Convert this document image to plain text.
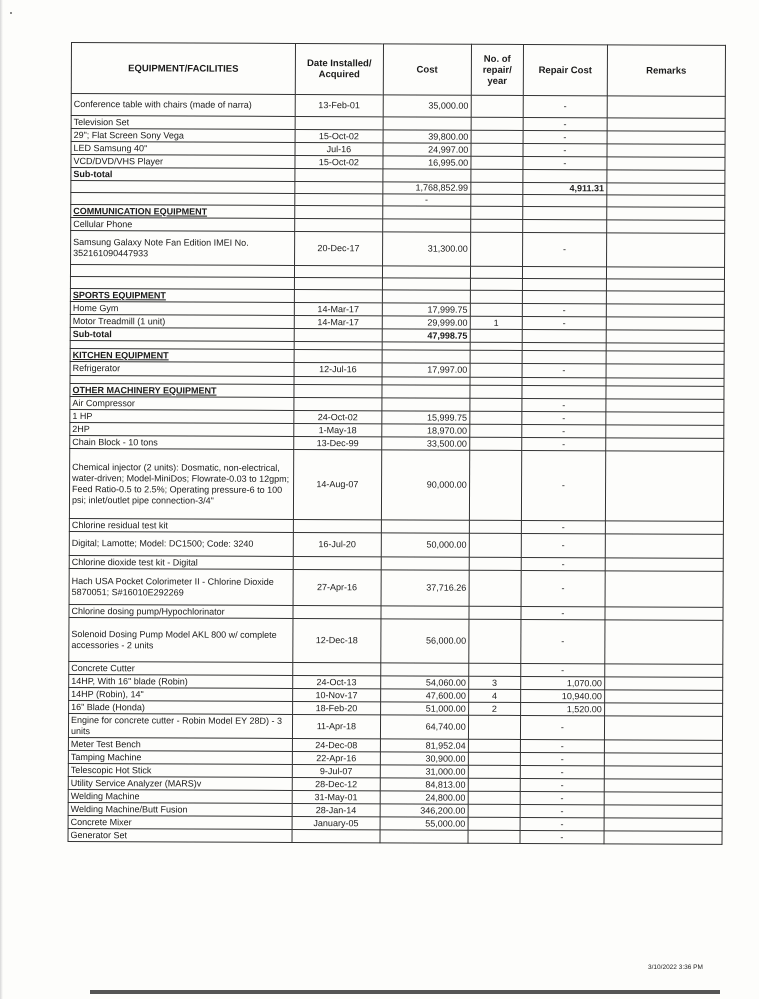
EQUIPMENT/FACILITIES	Date Installed/ Acquired	Cost	No. of repair/ year	Repair Cost	Remarks
Conference table with chairs (made of narra)	13-Feb-01	35,000.00		-	
Television Set				-	
29"; Flat Screen Sony Vega	15-Oct-02	39,800.00		-	
LED Samsung 40"	Jul-16	24,997.00		-	
VCD/DVD/VHS Player	15-Oct-02	16,995.00		-	
Sub-total					
		1,768,852.99		4,911.31	
		-			
COMMUNICATION EQUIPMENT					
Cellular Phone					
Samsung Galaxy Note Fan Edition IMEI No. 352161090447933	20-Dec-17	31,300.00		-	

SPORTS EQUIPMENT					
Home Gym	14-Mar-17	17,999.75		-	
Motor Treadmill (1 unit)	14-Mar-17	29,999.00	1	-	
Sub-total		47,998.75			

KITCHEN EQUIPMENT					
Refrigerator	12-Jul-16	17,997.00		-	

OTHER MACHINERY EQUIPMENT					
Air Compressor				-	
1 HP	24-Oct-02	15,999.75		-	
2HP	1-May-18	18,970.00		-	
Chain Block - 10 tons	13-Dec-99	33,500.00		-	
Chemical injector (2 units): Dosmatic, non-electrical, water-driven; Model-MiniDos; Flowrate-0.03 to 12gpm; Feed Ratio-0.5 to 2.5%; Operating pressure-6 to 100 psi; inlet/outlet pipe connection-3/4"	14-Aug-07	90,000.00		-	
Chlorine residual test kit				-	
Digital; Lamotte; Model: DC1500; Code: 3240	16-Jul-20	50,000.00		-	
Chlorine dioxide test kit - Digital				-	
Hach USA Pocket Colorimeter II - Chlorine Dioxide 5870051; S#16010E292269	27-Apr-16	37,716.26		-	
Chlorine dosing pump/Hypochlorinator				-	
Solenoid Dosing Pump Model AKL 800 w/ complete accessories - 2 units	12-Dec-18	56,000.00		-	
Concrete Cutter				-	
14HP, With 16" blade (Robin)	24-Oct-13	54,060.00	3	1,070.00	
14HP (Robin), 14"	10-Nov-17	47,600.00	4	10,940.00	
16" Blade (Honda)	18-Feb-20	51,000.00	2	1,520.00	
Engine for concrete cutter - Robin Model EY 28D) - 3 units	11-Apr-18	64,740.00		-	
Meter Test Bench	24-Dec-08	81,952.04		-	
Tamping Machine	22-Apr-16	30,900.00		-	
Telescopic Hot Stick	9-Jul-07	31,000.00		-	
Utility Service Analyzer (MARS)v	28-Dec-12	84,813.00		-	
Welding Machine	31-May-01	24,800.00		-	
Welding Machine/Butt Fusion	28-Jan-14	346,200.00		-	
Concrete Mixer	January-05	55,000.00		-	
Generator Set				-	
3/10/2022 3:36 PM
